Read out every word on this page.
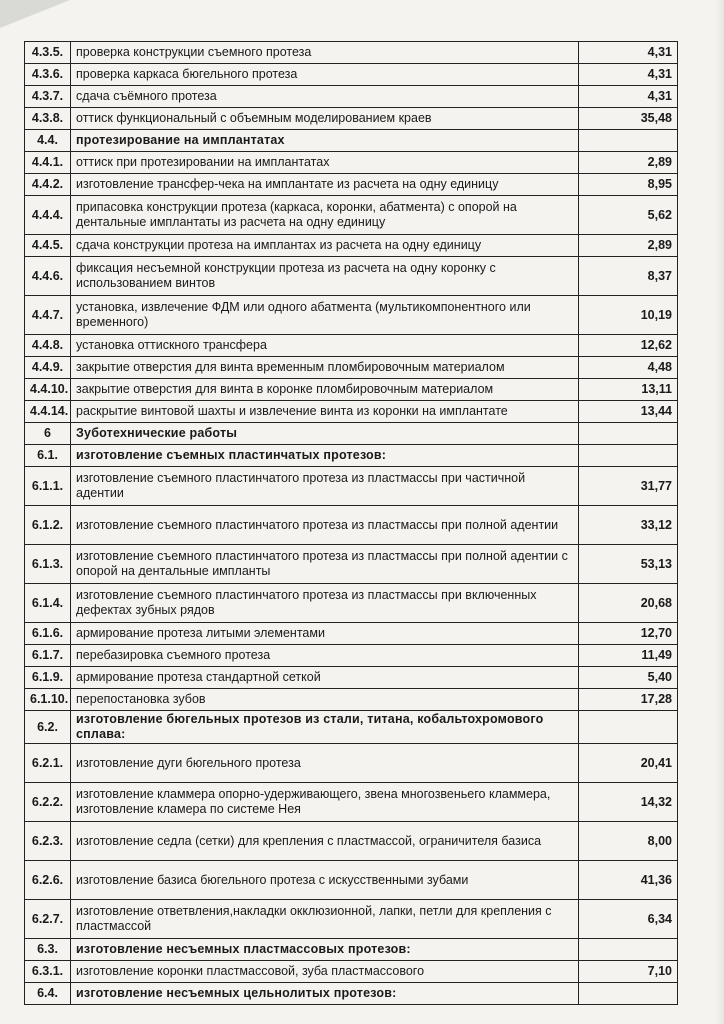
4.3.5.	проверка конструкции съемного протеза	4,31
4.3.6.	проверка каркаса бюгельного протеза	4,31
4.3.7.	сдача съёмного протеза	4,31
4.3.8.	оттиск функциональный с объемным моделированием краев	35,48
4.4.	протезирование на имплантатах	
4.4.1.	оттиск при протезировании на имплантатах	2,89
4.4.2.	изготовление трансфер-чека на имплантате из расчета на одну единицу	8,95
4.4.4.	припасовка конструкции протеза (каркаса, коронки, абатмента) с опорой на дентальные имплантаты из расчета на одну единицу	5,62
4.4.5.	сдача конструкции протеза на имплантах из расчета на одну единицу	2,89
4.4.6.	фиксация несъемной конструкции протеза из расчета на одну коронку с использованием винтов	8,37
4.4.7.	установка, извлечение ФДМ или одного абатмента (мультикомпонентного или временного)	10,19
4.4.8.	установка оттискного трансфера	12,62
4.4.9.	закрытие отверстия для винта временным пломбировочным материалом	4,48
4.4.10.	закрытие отверстия для винта в коронке пломбировочным материалом	13,11
4.4.14.	раскрытие винтовой шахты и извлечение винта из коронки на имплантате	13,44
6	Зуботехнические работы	
6.1.	изготовление съемных пластинчатых протезов:	
6.1.1.	изготовление съемного пластинчатого протеза из пластмассы при частичной адентии	31,77
6.1.2.	изготовление съемного пластинчатого протеза из пластмассы при полной адентии	33,12
6.1.3.	изготовление съемного пластинчатого протеза из пластмассы при полной адентии с опорой на дентальные импланты	53,13
6.1.4.	изготовление съемного пластинчатого протеза из пластмассы при включенных дефектах зубных рядов	20,68
6.1.6.	армирование протеза литыми элементами	12,70
6.1.7.	перебазировка съемного протеза	11,49
6.1.9.	армирование протеза стандартной сеткой	5,40
6.1.10.	перепостановка зубов	17,28
6.2.	изготовление бюгельных протезов из стали, титана, кобальтохромового сплава:	
6.2.1.	изготовление дуги бюгельного протеза	20,41
6.2.2.	изготовление кламмера опорно-удерживающего, звена многозвеньего кламмера, изготовление кламера по системе Нея	14,32
6.2.3.	изготовление седла (сетки) для крепления с пластмассой, ограничителя базиса	8,00
6.2.6.	изготовление базиса бюгельного протеза с искусственными зубами	41,36
6.2.7.	изготовление ответвления,накладки окклюзионной, лапки, петли для крепления с пластмассой	6,34
6.3.	изготовление несъемных пластмассовых протезов:	
6.3.1.	изготовление коронки пластмассовой, зуба пластмассового	7,10
6.4.	изготовление несъемных цельнолитых протезов:	
